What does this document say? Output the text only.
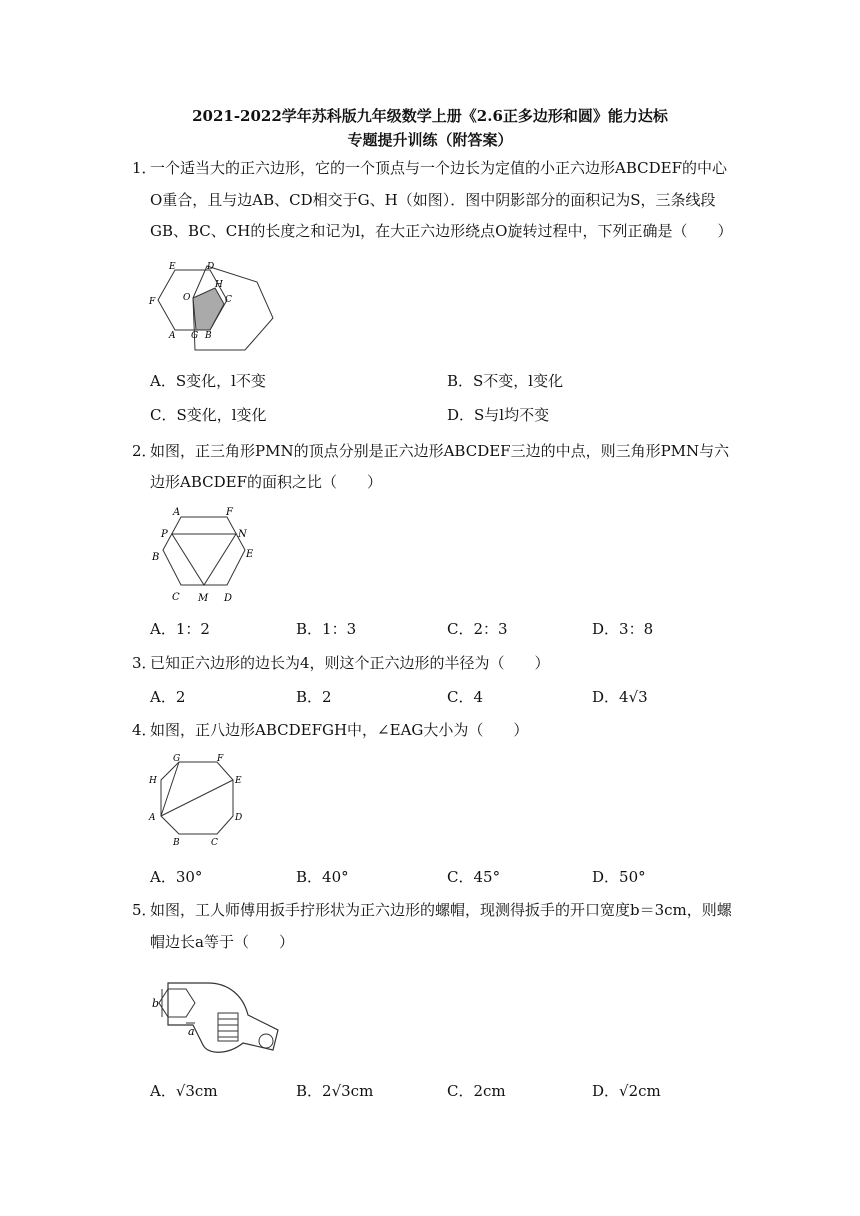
2021-2022学年苏科版九年级数学上册《2.6正多边形和圆》能力达标
专题提升训练（附答案）
1．
一个适当大的正六边形，它的一个顶点与一个边长为定值的小正六边形ABCDEF的中心
O重合，且与边AB、CD相交于G、H（如图）．图中阴影部分的面积记为S，三条线段
GB、BC、CH的长度之和记为l，在大正六边形绕点O旋转过程中，下列正确是（　　）
E	D
H
F	O	C
A G B
A．S变化，l不变	B．S不变，l变化
C．S变化，l变化	D．S与l均不变
2．
如图，正三角形PMN的顶点分别是正六边形ABCDEF三边的中点，则三角形PMN与六
边形ABCDEF的面积之比（　　）
A	F
P	N
B	E
C M D
A．1：2	B．1：3	C．2：3	D．3：8
3．
已知正六边形的边长为4，则这个正六边形的半径为（　　）
A．2	B．2	C．4	D．4√3
4．
如图，正八边形ABCDEFGH中，∠EAG大小为（　　）
G	F
H	E
A	D
B	C
A．30°	B．40°	C．45°	D．50°
5．
如图，工人师傅用扳手拧形状为正六边形的螺帽，现测得扳手的开口宽度b＝3cm，则螺
帽边长a等于（　　）
b
a
A．√3cm	B．2√3cm	C．2cm	D．√2cm
